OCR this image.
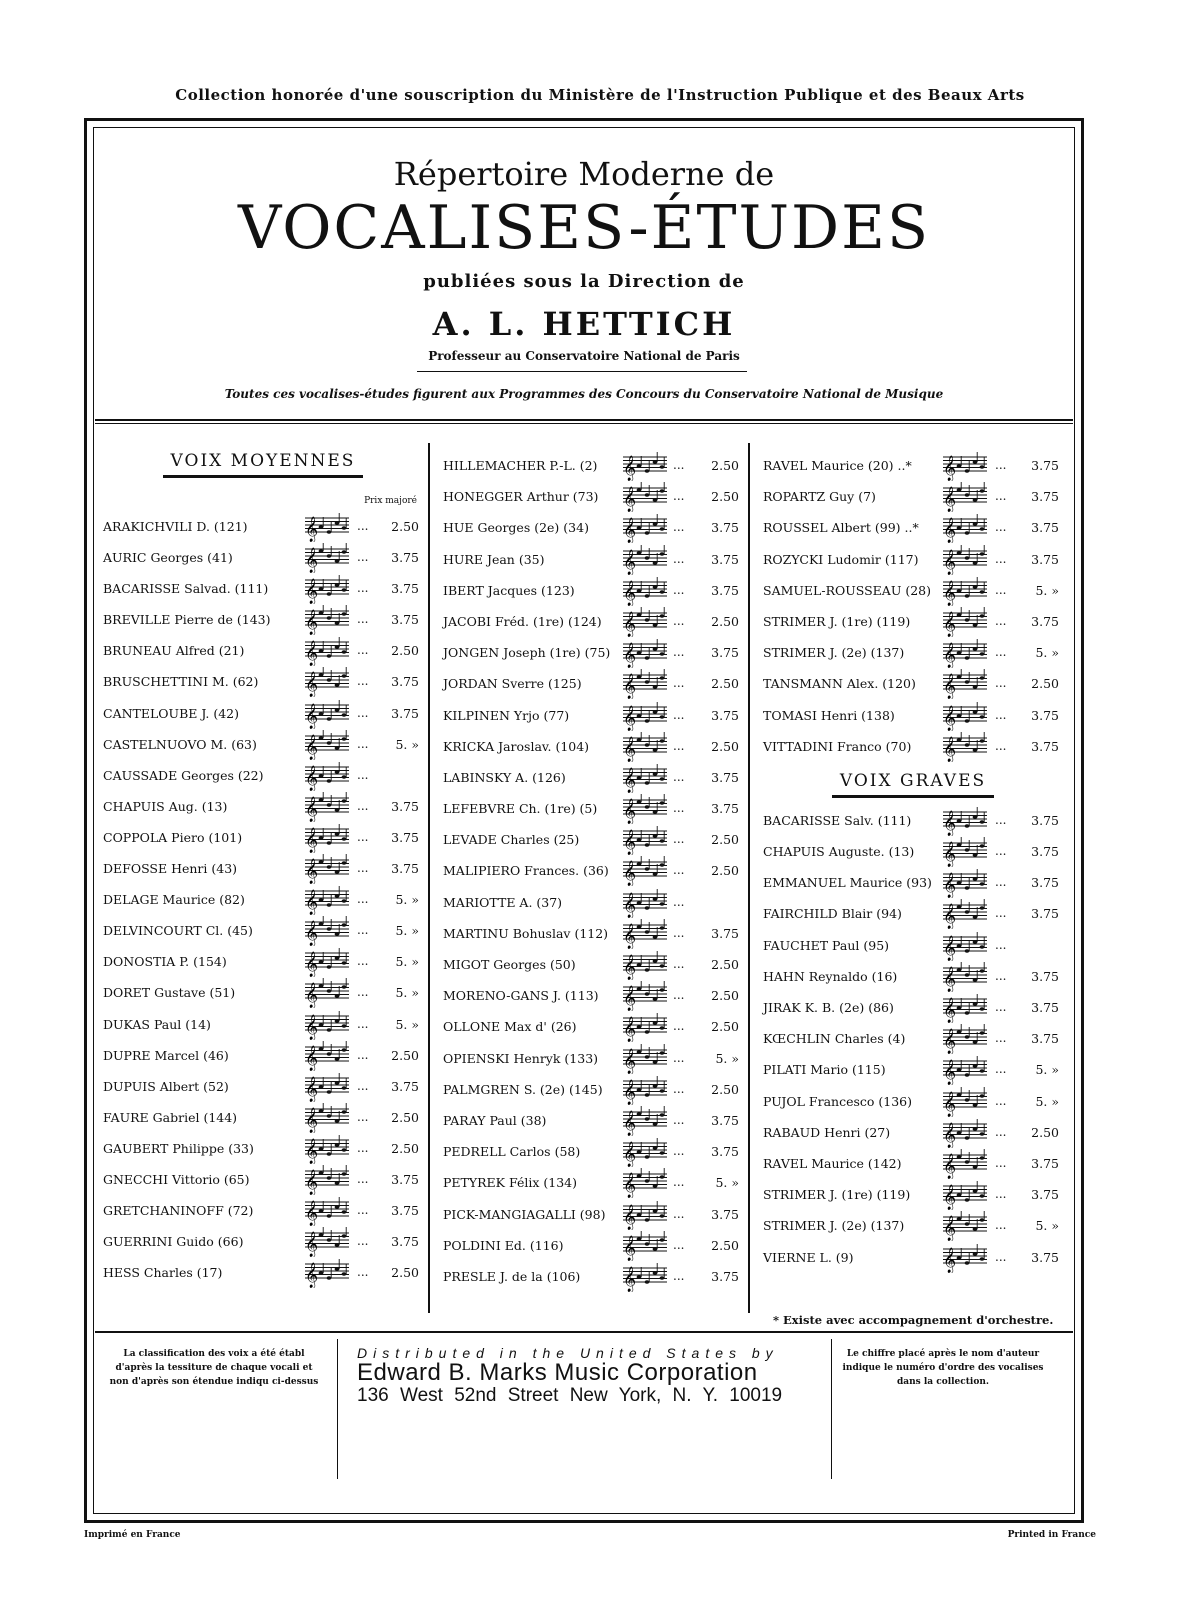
Collection honorée d'une souscription du Ministère de l'Instruction Publique et des Beaux Arts
Répertoire Moderne de
VOCALISES-ÉTUDES
publiées sous la Direction de
A. L. HETTICH
Professeur au Conservatoire National de Paris
Toutes ces vocalises-études figurent aux Programmes des Concours du Conservatoire National de Musique
VOIX MOYENNES
Prix majoré
ARAKICHVILI D. (121)	𝄞	...	2.50
AURIC Georges (41)	𝄞	...	3.75
BACARISSE Salvad. (111) 𝄞	...	3.75
BREVILLE Pierre de (143) 𝄞	...	3.75
BRUNEAU Alfred (21)	𝄞	...	2.50
BRUSCHETTINI M. (62) 𝄞	...	3.75
CANTELOUBE J. (42)	𝄞	...	3.75
CASTELNUOVO M. (63) 𝄞	...	5. »
CAUSSADE Georges (22) 𝄞	...
CHAPUIS Aug. (13)	𝄞	...	3.75
COPPOLA Piero (101)	𝄞	...	3.75
DEFOSSE Henri (43)	𝄞	...	3.75
DELAGE Maurice (82)	𝄞	...	5. »
DELVINCOURT Cl. (45) 𝄞	...	5. »
DONOSTIA P. (154)	𝄞	...	5. »
DORET Gustave (51)	𝄞	...	5. »
DUKAS Paul (14)	𝄞	...	5. »
DUPRE Marcel (46)	𝄞	...	2.50
DUPUIS Albert (52)	𝄞	...	3.75
FAURE Gabriel (144)	𝄞	...	2.50
GAUBERT Philippe (33) 𝄞	...	2.50
GNECCHI Vittorio (65)	𝄞	...	3.75
GRETCHANINOFF (72) 𝄞	...	3.75
GUERRINI Guido (66)	𝄞	...	3.75
HESS Charles (17)	𝄞	...	2.50
HILLEMACHER P.-L. (2) 𝄞	...	2.50
HONEGGER Arthur (73) 𝄞	...	2.50
HUE Georges (2e) (34) 𝄞	...	3.75
HURE Jean (35)	𝄞	...	3.75
IBERT Jacques (123) 𝄞	...	3.75
JACOBI Fréd. (1re) (124) 𝄞	...	2.50
JONGEN Joseph (1re) (75) 𝄞	...	3.75
JORDAN Sverre (125) 𝄞	...	2.50
KILPINEN Yrjo (77) 𝄞	...	3.75
KRICKA Jaroslav. (104) 𝄞	...	2.50
LABINSKY A. (126)	𝄞	...	3.75
LEFEBVRE Ch. (1re) (5) 𝄞	...	3.75
LEVADE Charles (25) 𝄞	...	2.50
MALIPIERO Frances. (36) 𝄞	...	2.50
MARIOTTE A. (37)	𝄞	...
MARTINU Bohuslav (112) 𝄞	...	3.75
MIGOT Georges (50) 𝄞	...	2.50
MORENO-GANS J. (113) 𝄞	...	2.50
OLLONE Max d' (26) 𝄞	...	2.50
OPIENSKI Henryk (133) 𝄞	...	5. »
PALMGREN S. (2e) (145) 𝄞	...	2.50
PARAY Paul (38)	𝄞	...	3.75
PEDRELL Carlos (58) 𝄞	...	3.75
PETYREK Félix (134) 𝄞	...	5. »
PICK-MANGIAGALLI (98) 𝄞	...	3.75
POLDINI Ed. (116)	𝄞	...	2.50
PRESLE J. de la (106) 𝄞	...	3.75
RAVEL Maurice (20) ..* 𝄞	...	3.75
ROPARTZ Guy (7)	𝄞	...	3.75
ROUSSEL Albert (99) ..* 𝄞	...	3.75
ROZYCKI Ludomir (117) 𝄞	...	3.75
SAMUEL-ROUSSEAU (28) 𝄞	...	5. »
STRIMER J. (1re) (119) 𝄞	...	3.75
STRIMER J. (2e) (137) 𝄞	...	5. »
TANSMANN Alex. (120) 𝄞	...	2.50
TOMASI Henri (138) 𝄞	...	3.75
VITTADINI Franco (70) 𝄞	...	3.75
VOIX GRAVES
BACARISSE Salv. (111) 𝄞	...	3.75
CHAPUIS Auguste. (13) 𝄞	...	3.75
EMMANUEL Maurice (93) 𝄞	...	3.75
FAIRCHILD Blair (94) 𝄞	...	3.75
FAUCHET Paul (95) 𝄞	...
HAHN Reynaldo (16) 𝄞	...	3.75
JIRAK K. B. (2e) (86) 𝄞	...	3.75
KŒCHLIN Charles (4) 𝄞	...	3.75
PILATI Mario (115)	𝄞	...	5. »
PUJOL Francesco (136) 𝄞	...	5. »
RABAUD Henri (27) 𝄞	...	2.50
RAVEL Maurice (142) 𝄞	...	3.75
STRIMER J. (1re) (119) 𝄞	...	3.75
STRIMER J. (2e) (137) 𝄞	...	5. »
VIERNE L. (9)	𝄞	...	3.75
* Existe avec accompagnement d'orchestre.
La classification des voix a été établ d'après la tessiture de chaque vocali et non d'après son étendue indiqu ci-dessus
Distributed in the United States by
Edward B. Marks Music Corporation
136 West 52nd Street New York, N. Y. 10019
Le chiffre placé après le nom d'auteur indique le numéro d'ordre des vocalises dans la collection.
Imprimé en France	Printed in France
